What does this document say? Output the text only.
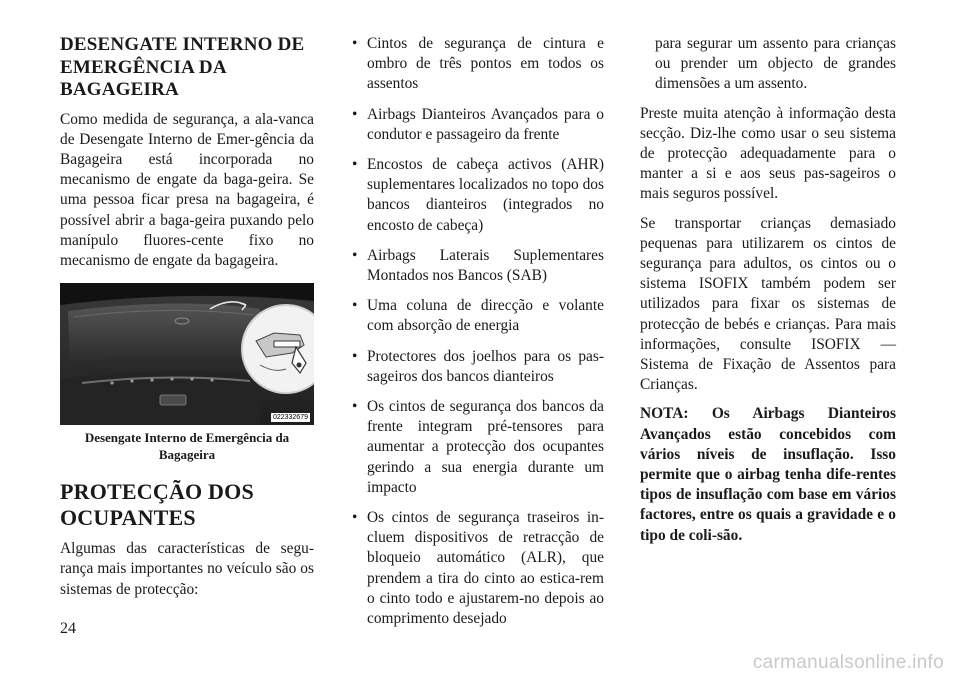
DESENGATE INTERNO DE EMERGÊNCIA DA BAGAGEIRA

Como medida de segurança, a ala-vanca de Desengate Interno de Emer-gência da Bagageira está incorporada no mecanismo de engate da baga-geira. Se uma pessoa ficar presa na bagageira, é possível abrir a baga-geira puxando pelo manípulo fluores-cente fixo no mecanismo de engate da bagageira.

022332679
Desengate Interno de Emergência da Bagageira
PROTECÇÃO DOS OCUPANTES

Algumas das características de segu-rança mais importantes no veículo são os sistemas de protecção:

• Cintos de segurança de cintura e ombro de três pontos em todos os assentos
• Airbags Dianteiros Avançados para o condutor e passageiro da frente
• Encostos de cabeça activos (AHR) suplementares localizados no topo dos bancos dianteiros (integrados no encosto de cabeça)
• Airbags Laterais Suplementares Montados nos Bancos (SAB)
• Uma coluna de direcção e volante com absorção de energia
• Protectores dos joelhos para os pas-sageiros dos bancos dianteiros
• Os cintos de segurança dos bancos da frente integram pré-tensores para aumentar a protecção dos ocupantes gerindo a sua energia durante um impacto
• Os cintos de segurança traseiros in-cluem dispositivos de retracção de bloqueio automático (ALR), que prendem a tira do cinto ao estica-rem o cinto todo e ajustarem-no depois ao comprimento desejado
para segurar um assento para crianças ou prender um objecto de grandes dimensões a um assento.

Preste muita atenção à informação desta secção. Diz-lhe como usar o seu sistema de protecção adequadamente para o manter a si e aos seus pas-sageiros o mais seguros possível.

Se transportar crianças demasiado pequenas para utilizarem os cintos de segurança para adultos, os cintos ou o sistema ISOFIX também podem ser utilizados para fixar os sistemas de protecção de bebés e crianças. Para mais informações, consulte ISOFIX — Sistema de Fixação de Assentos para Crianças.

NOTA: Os Airbags Dianteiros Avançados estão concebidos com vários níveis de insuflação. Isso permite que o airbag tenha dife-rentes tipos de insuflação com base em vários factores, entre os quais a gravidade e o tipo de coli-são.

24
carmanualsonline.info
